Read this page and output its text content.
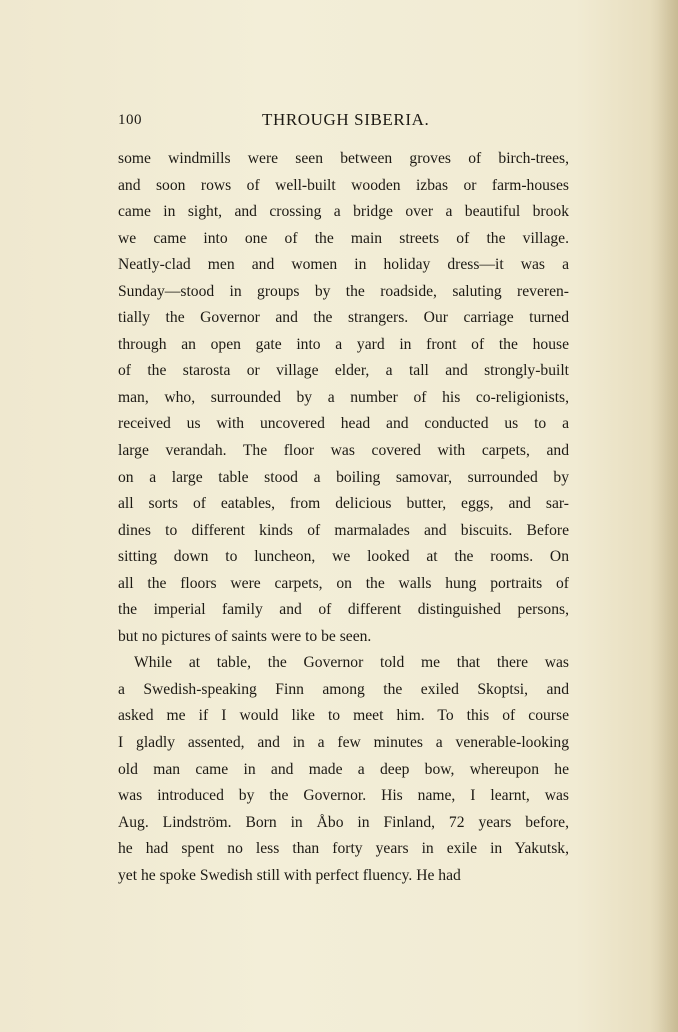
100	THROUGH SIBERIA.
some windmills were seen between groves of birch-trees,
and soon rows of well-built wooden izbas or farm-houses
came in sight, and crossing a bridge over a beautiful brook
we came into one of the main streets of the village.
Neatly-clad men and women in holiday dress—it was a
Sunday—stood in groups by the roadside, saluting reveren-
tially the Governor and the strangers. Our carriage turned
through an open gate into a yard in front of the house
of the starosta or village elder, a tall and strongly-built
man, who, surrounded by a number of his co-religionists,
received us with uncovered head and conducted us to a
large verandah. The floor was covered with carpets, and
on a large table stood a boiling samovar, surrounded by
all sorts of eatables, from delicious butter, eggs, and sar-
dines to different kinds of marmalades and biscuits. Before
sitting down to luncheon, we looked at the rooms. On
all the floors were carpets, on the walls hung portraits of
the imperial family and of different distinguished persons,
but no pictures of saints were to be seen.
While at table, the Governor told me that there was
a Swedish-speaking Finn among the exiled Skoptsi, and
asked me if I would like to meet him. To this of course
I gladly assented, and in a few minutes a venerable-looking
old man came in and made a deep bow, whereupon he
was introduced by the Governor. His name, I learnt, was
Aug. Lindström. Born in Åbo in Finland, 72 years before,
he had spent no less than forty years in exile in Yakutsk,
yet he spoke Swedish still with perfect fluency. He had
